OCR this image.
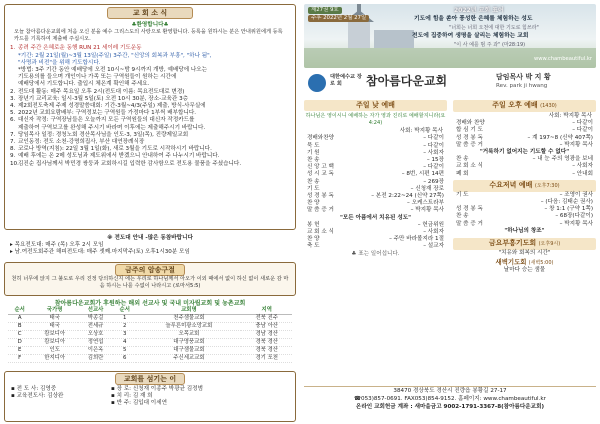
교 회 소 식
♣환영합니다♣
오늘 참아름다운교회에 처음 오신 분을 예수 그리스도의 사랑으로 환영합니다. 등록을 원하시는 분은 안내위원에게 등록카드를 기록하여 제출해 주십시오.
1. 종려 주간 은혜로운 동행 RUN 21 세이레 기도운동
*기간: 2월 21일(월)~3월 13일(주일) 3주간, "신앙의 회복과 부흥", "하나 됨",
"사명과 비전"을 위해 기도합시다.
*방법: 3주 기간 동안 예배당에 오전 10시~밤 9시까지 개방, 예배당에 나오는
기도용의를 들으며 개인이나 가족 또는 구역원들이 원하는 시간에
예배당에서 기도합니다. 출입시 체온계 확인해 주세요.
2. 전도대 활동: 매주 목요일 오후 2시(전도대 이름: 목요전도대로 변경)
3. 장년기 교리교육: 일시-3월 5일(토) 오전 10시 30분, 장소-교육관 3층
4. 제2회전도축제 주제 성경말씀대회: 기간-3월~4/3(주일) 제출, 방식-사무실에
5. 2022년 교회요람배부: 구역정보는 구역원들 가정마다 1부씩 배부합니다.
6. 대신자 작정: 구역장님들은 오늘까지 모든 구역원들의 대신자 작정카드를
제출하여 구역보고를 완성해 주시기 바라며 이후에는 제출해주시기 바랍니다.
7. 당임목사 일정: 경청노회 경산목사님을 인도-3, 3일(목), 진량제일교회
7. 교인동정: 전도 소천-강명희집사, 부산 대연장례식장
8. 코로나 방역(지침): 22일 3월 1일(화), 새로 3월을 기도로 시작하시기 바랍니다.
9. 예배 후에는 온 2메 성도님과 제도위에서 받겠으니 안내하여 주 나누시기 바랍니다.
10.김진순 집사님께서 박민경 쌍둥과 교회하시길 입력한 감사함으로 전도용 물품을 주셨습니다.
※ 전도대 안내 -많은 동참바랍니다
▸ 목요전도대: 매주 (목) 오후 2시 모임
▸ 남.여전도회주관 해피전도대: 매주 셋째.마지막주(토) 오후1시30분 모임
금주의 암송구절
천히 너무에 앉지 그 불도로 우리 진정 당의하신지 에는 우리로 하나님께서 아오가 이외 때에서 없이 하신 없이 새로운 감 마음 하시는 나를 수없이 나라시고 (로마서5:5)
참아름다운교회가 후원하는 해외 선교사 및 국내 미자립교회 및 농촌교회
순서	국가명	선교사	순서	교회명	지역
A	태국	박종걸	1	천주샘물교회	전북 진주
B	태국	전세규	2	늘푸른미광소망교회	충남 아산
C	캄보디아	오상호	3	오목교회	경남 경산
D	캄보디아	정연섭	4	대구영풍교회	경북 경산
E	인도	이은옥	5	대구샘물교회	경북 경산
F	한지디아	김희란	6	주신세교교회	경기 포천
교회를 섬기는 이
▪ 전 도 사: 김영중
▪ 교육전도사: 김상완
▪ 장 로: 신청재 이종주 박광균 김정범
▪ 치 리: 김 재 희
▪ 반 주: 김입대 이세연
제27권 9호
주후 2022년 2월 27일
2022년 교회 표어
기도에 힘을 쏟아 풍성한 은혜를 체험하는 성도
"너희는 너희 오천에 대한 기도로 힘쓰라"
전도에 집중하여 생명을 살리는 체험하는 교회
"이 사 예를 범 주 과" (마28:19)
www.chambeautiful.kr
대한예수교 장 로 회	참아름다운교회	담임목사 박 지 황
Rev. park ji hwang
주일 낮 예배
하나님은 영이시니 예배하는 자가 영과 진리로 예배할지니라(요4:24)
사회: 박지황 목사
경배와찬양	– 다같이
묵 도	– 다같이
기 원	– 사회자
찬 송	– 15장
신 앙 고 백	– 다같이
성 시 교 독	– 8번, 시편 14편
찬 송	– 269장
기 도	– 신청재 장로
성 경 봉 독	– 본전 2:22~24 (신약 27쪽)
찬 양	– 오케스트라부
말 씀 증 거	– 박지황 목사
"모든 아픔에서 치유된 성도"
봉 헌	– 헌금위원
교 회 소 식	– 사회자
찬 양	– 주만 바라볼지라 1절
축 도	– 설교자
♣ 표는 일어섭니다.
주일 오후 예배 (1430)
사회: 박지황 목사
경배와 찬양	– 다같이
합 심 기 도	– 다같이
성 경 봉 독	– 계 197~8 (신약 407쪽)
말 씀 증 거	– 박지황 목사
"거룩하기 없어지는 기도할 수 없다"
찬 송	– 내 눈 주의 영광을 보네
교 회 소 식	– 사회자
폐 회	– 안내회
수요저녁 예배 (오후7:30)
기 도	– 조영이 권사
– (다음: 김태순 권사)
성 경 봉 독	– 창 1:1 (구약 1쪽)
찬 송	– 68장(다같이)
말 씀 증 거	– 박지황 목사
"하나님의 창조"
금요부흥기도회 (오후9시)
"치유와 회복의 시간"
새벽기도회 (새벽5:00)
날마다 승는 샘물
38470 경상북도 경산시 진량읍 봉황길 27-17
☎053)857-0691. FAX053)854-9152. 홈페이지: www.chambeautiful.kr
온라인 교회헌금 계좌 : 새마을금고 9002-1791-3367-8(참아름다운교회)
